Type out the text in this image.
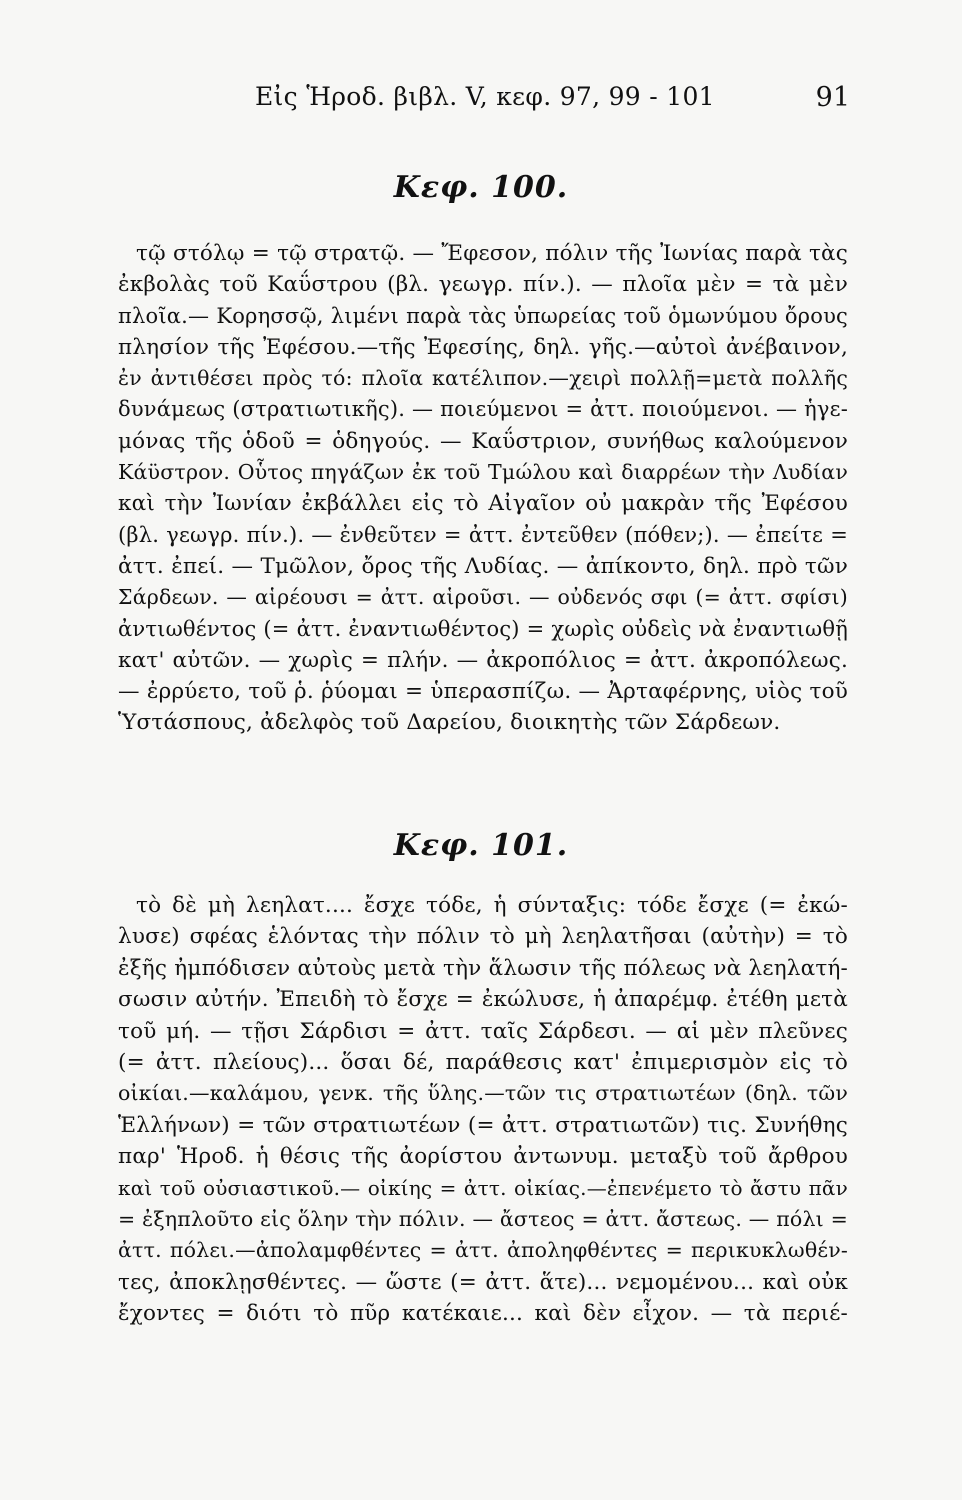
Εἰς Ἡροδ. βιβλ. V, κεφ. 97, 99 - 101	91
Κεφ. 100.
τῷ στόλῳ = τῷ στρατῷ. — Ἔφεσον, πόλιν τῆς Ἰωνίας παρὰ τὰς
ἐκβολὰς τοῦ Καΰστρου (βλ. γεωγρ. πίν.). — πλοῖα μὲν = τὰ μὲν
πλοῖα.— Κορησσῷ, λιμένι παρὰ τὰς ὑπωρείας τοῦ ὁμωνύμου ὄρους
πλησίον τῆς Ἐφέσου.—τῆς Ἐφεσίης, δηλ. γῆς.—αὐτοὶ ἀνέβαινον,
ἐν ἀντιθέσει πρὸς τό: πλοῖα κατέλιπον.—χειρὶ πολλῇ=μετὰ πολλῆς
δυνάμεως (στρατιωτικῆς). — ποιεύμενοι = ἀττ. ποιούμενοι. — ἡγε-
μόνας τῆς ὁδοῦ = ὁδηγούς. — Καΰστριον, συνήθως καλούμενον
Κάϋστρον. Οὗτος πηγάζων ἐκ τοῦ Τμώλου καὶ διαρρέων τὴν Λυδίαν
καὶ τὴν Ἰωνίαν ἐκβάλλει εἰς τὸ Αἰγαῖον οὐ μακρὰν τῆς Ἐφέσου
(βλ. γεωγρ. πίν.). — ἐνθεῦτεν = ἀττ. ἐντεῦθεν (πόθεν;). — ἐπείτε =
ἀττ. ἐπεί. — Τμῶλον, ὄρος τῆς Λυδίας. — ἀπίκοντο, δηλ. πρὸ τῶν
Σάρδεων. — αἱρέουσι = ἀττ. αἱροῦσι. — οὐδενός σφι (= ἀττ. σφίσι)
ἀντιωθέντος (= ἀττ. ἐναντιωθέντος) = χωρὶς οὐδεὶς νὰ ἐναντιωθῇ
κατ' αὐτῶν. — χωρὶς = πλήν. — ἀκροπόλιος = ἀττ. ἀκροπόλεως.
— ἐρρύετο, τοῦ ῥ. ῥύομαι = ὑπερασπίζω. — Ἀρταφέρνης, υἱὸς τοῦ
Ὑστάσπους, ἀδελφὸς τοῦ Δαρείου, διοικητὴς τῶν Σάρδεων.
Κεφ. 101.
τὸ δὲ μὴ λεηλατ.... ἔσχε τόδε, ἡ σύνταξις: τόδε ἔσχε (= ἐκώ-
λυσε) σφέας ἑλόντας τὴν πόλιν τὸ μὴ λεηλατῆσαι (αὐτὴν) = τὸ
ἐξῆς ἠμπόδισεν αὐτοὺς μετὰ τὴν ἅλωσιν τῆς πόλεως νὰ λεηλατή-
σωσιν αὐτήν. Ἐπειδὴ τὸ ἔσχε = ἐκώλυσε, ἡ ἀπαρέμφ. ἐτέθη μετὰ
τοῦ μή. — τῇσι Σάρδισι = ἀττ. ταῖς Σάρδεσι. — αἱ μὲν πλεῦνες
(= ἀττ. πλείους)... ὅσαι δέ, παράθεσις κατ' ἐπιμερισμὸν εἰς τὸ
οἰκίαι.—καλάμου, γενκ. τῆς ὕλης.—τῶν τις στρατιωτέων (δηλ. τῶν
Ἑλλήνων) = τῶν στρατιωτέων (= ἀττ. στρατιωτῶν) τις. Συνήθης
παρ' Ἡροδ. ἡ θέσις τῆς ἀορίστου ἀντωνυμ. μεταξὺ τοῦ ἄρθρου
καὶ τοῦ οὐσιαστικοῦ.— οἰκίης = ἀττ. οἰκίας.—ἐπενέμετο τὸ ἄστυ πᾶν
= ἐξηπλοῦτο εἰς ὅλην τὴν πόλιν. — ἄστεος = ἀττ. ἄστεως. — πόλι =
ἀττ. πόλει.—ἀπολαμφθέντες = ἀττ. ἀποληφθέντες = περικυκλωθέν-
τες, ἀποκλῃσθέντες. — ὥστε (= ἀττ. ἅτε)... νεμομένου... καὶ οὐκ
ἔχοντες = διότι τὸ πῦρ κατέκαιε... καὶ δὲν εἶχον. — τὰ περιέ-
